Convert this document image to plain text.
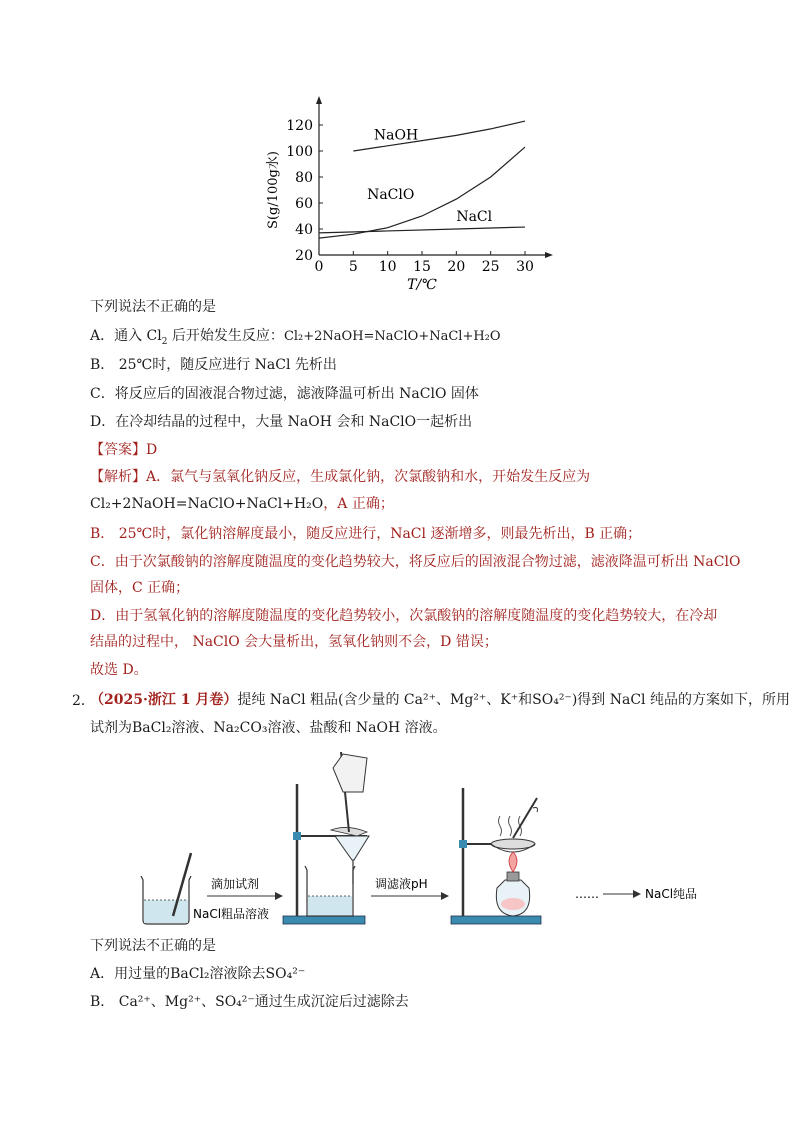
0 5 10 15 20 25 30
20
40
60
80
100
120
T/℃
S(g/100g水)
NaOH
NaClO
NaCl
下列说法不正确的是
A．通入 $Cl_2$ 后开始发生反应：Cl₂+2NaOH=NaClO+NaCl+H₂O
B． 25℃时，随反应进行 NaCl 先析出
C．将反应后的固液混合物过滤，滤液降温可析出 NaClO 固体
D．在冷却结晶的过程中，大量 NaOH 会和 NaClO一起析出
【答案】D
【解析】A．氯气与氢氧化钠反应，生成氯化钠，次氯酸钠和水，开始发生反应为
Cl₂+2NaOH=NaClO+NaCl+H₂O，A 正确；
B． 25℃时，氯化钠溶解度最小，随反应进行，NaCl 逐渐增多，则最先析出，B 正确；
C．由于次氯酸钠的溶解度随温度的变化趋势较大，将反应后的固液混合物过滤，滤液降温可析出 NaClO
固体，C 正确；
D．由于氢氧化钠的溶解度随温度的变化趋势较小，次氯酸钠的溶解度随温度的变化趋势较大，在冷却
结晶的过程中， NaClO 会大量析出，氢氧化钠则不会，D 错误；
故选 D。
2．
（2025·浙江 1 月卷）提纯 NaCl 粗品(含少量的 Ca²⁺、Mg²⁺、K⁺和SO₄²⁻)得到 NaCl 纯品的方案如下，所用
试剂为BaCl₂溶液、Na₂CO₃溶液、盐酸和 NaOH 溶液。
NaCl粗品溶液
滴加试剂	调滤液pH
……	NaCl纯品
下列说法不正确的是
A．用过量的BaCl₂溶液除去SO₄²⁻
B． Ca²⁺、Mg²⁺、SO₄²⁻通过生成沉淀后过滤除去
